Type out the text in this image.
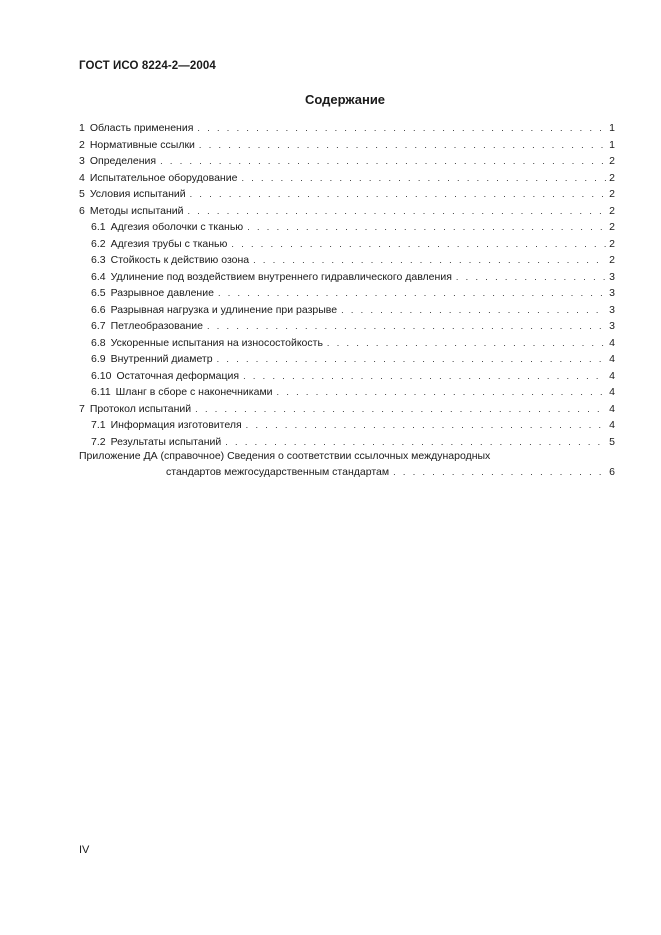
ГОСТ ИСО 8224-2—2004
Содержание
1 Область применения . . .	1
2 Нормативные ссылки . . .	1
3 Определения . . .	2
4 Испытательное оборудование . . .	2
5 Условия испытаний . . .	2
6 Методы испытаний . . .	2
6.1 Адгезия оболочки с тканью . . .	2
6.2 Адгезия трубы с тканью . . .	2
6.3 Стойкость к действию озона . . .	2
6.4 Удлинение под воздействием внутреннего гидравлического давления . . .	3
6.5 Разрывное давление . . .	3
6.6 Разрывная нагрузка и удлинение при разрыве . . .	3
6.7 Петлеобразование . . .	3
6.8 Ускоренные испытания на износостойкость . . .	4
6.9 Внутренний диаметр . . .	4
6.10 Остаточная деформация . . .	4
6.11 Шланг в сборе с наконечниками . . .	4
7 Протокол испытаний . . .	4
7.1 Информация изготовителя . . .	4
7.2 Результаты испытаний . . .	5
Приложение ДА (справочное) Сведения о соответствии ссылочных международных
стандартов межгосударственным стандартам . . .	6
IV
